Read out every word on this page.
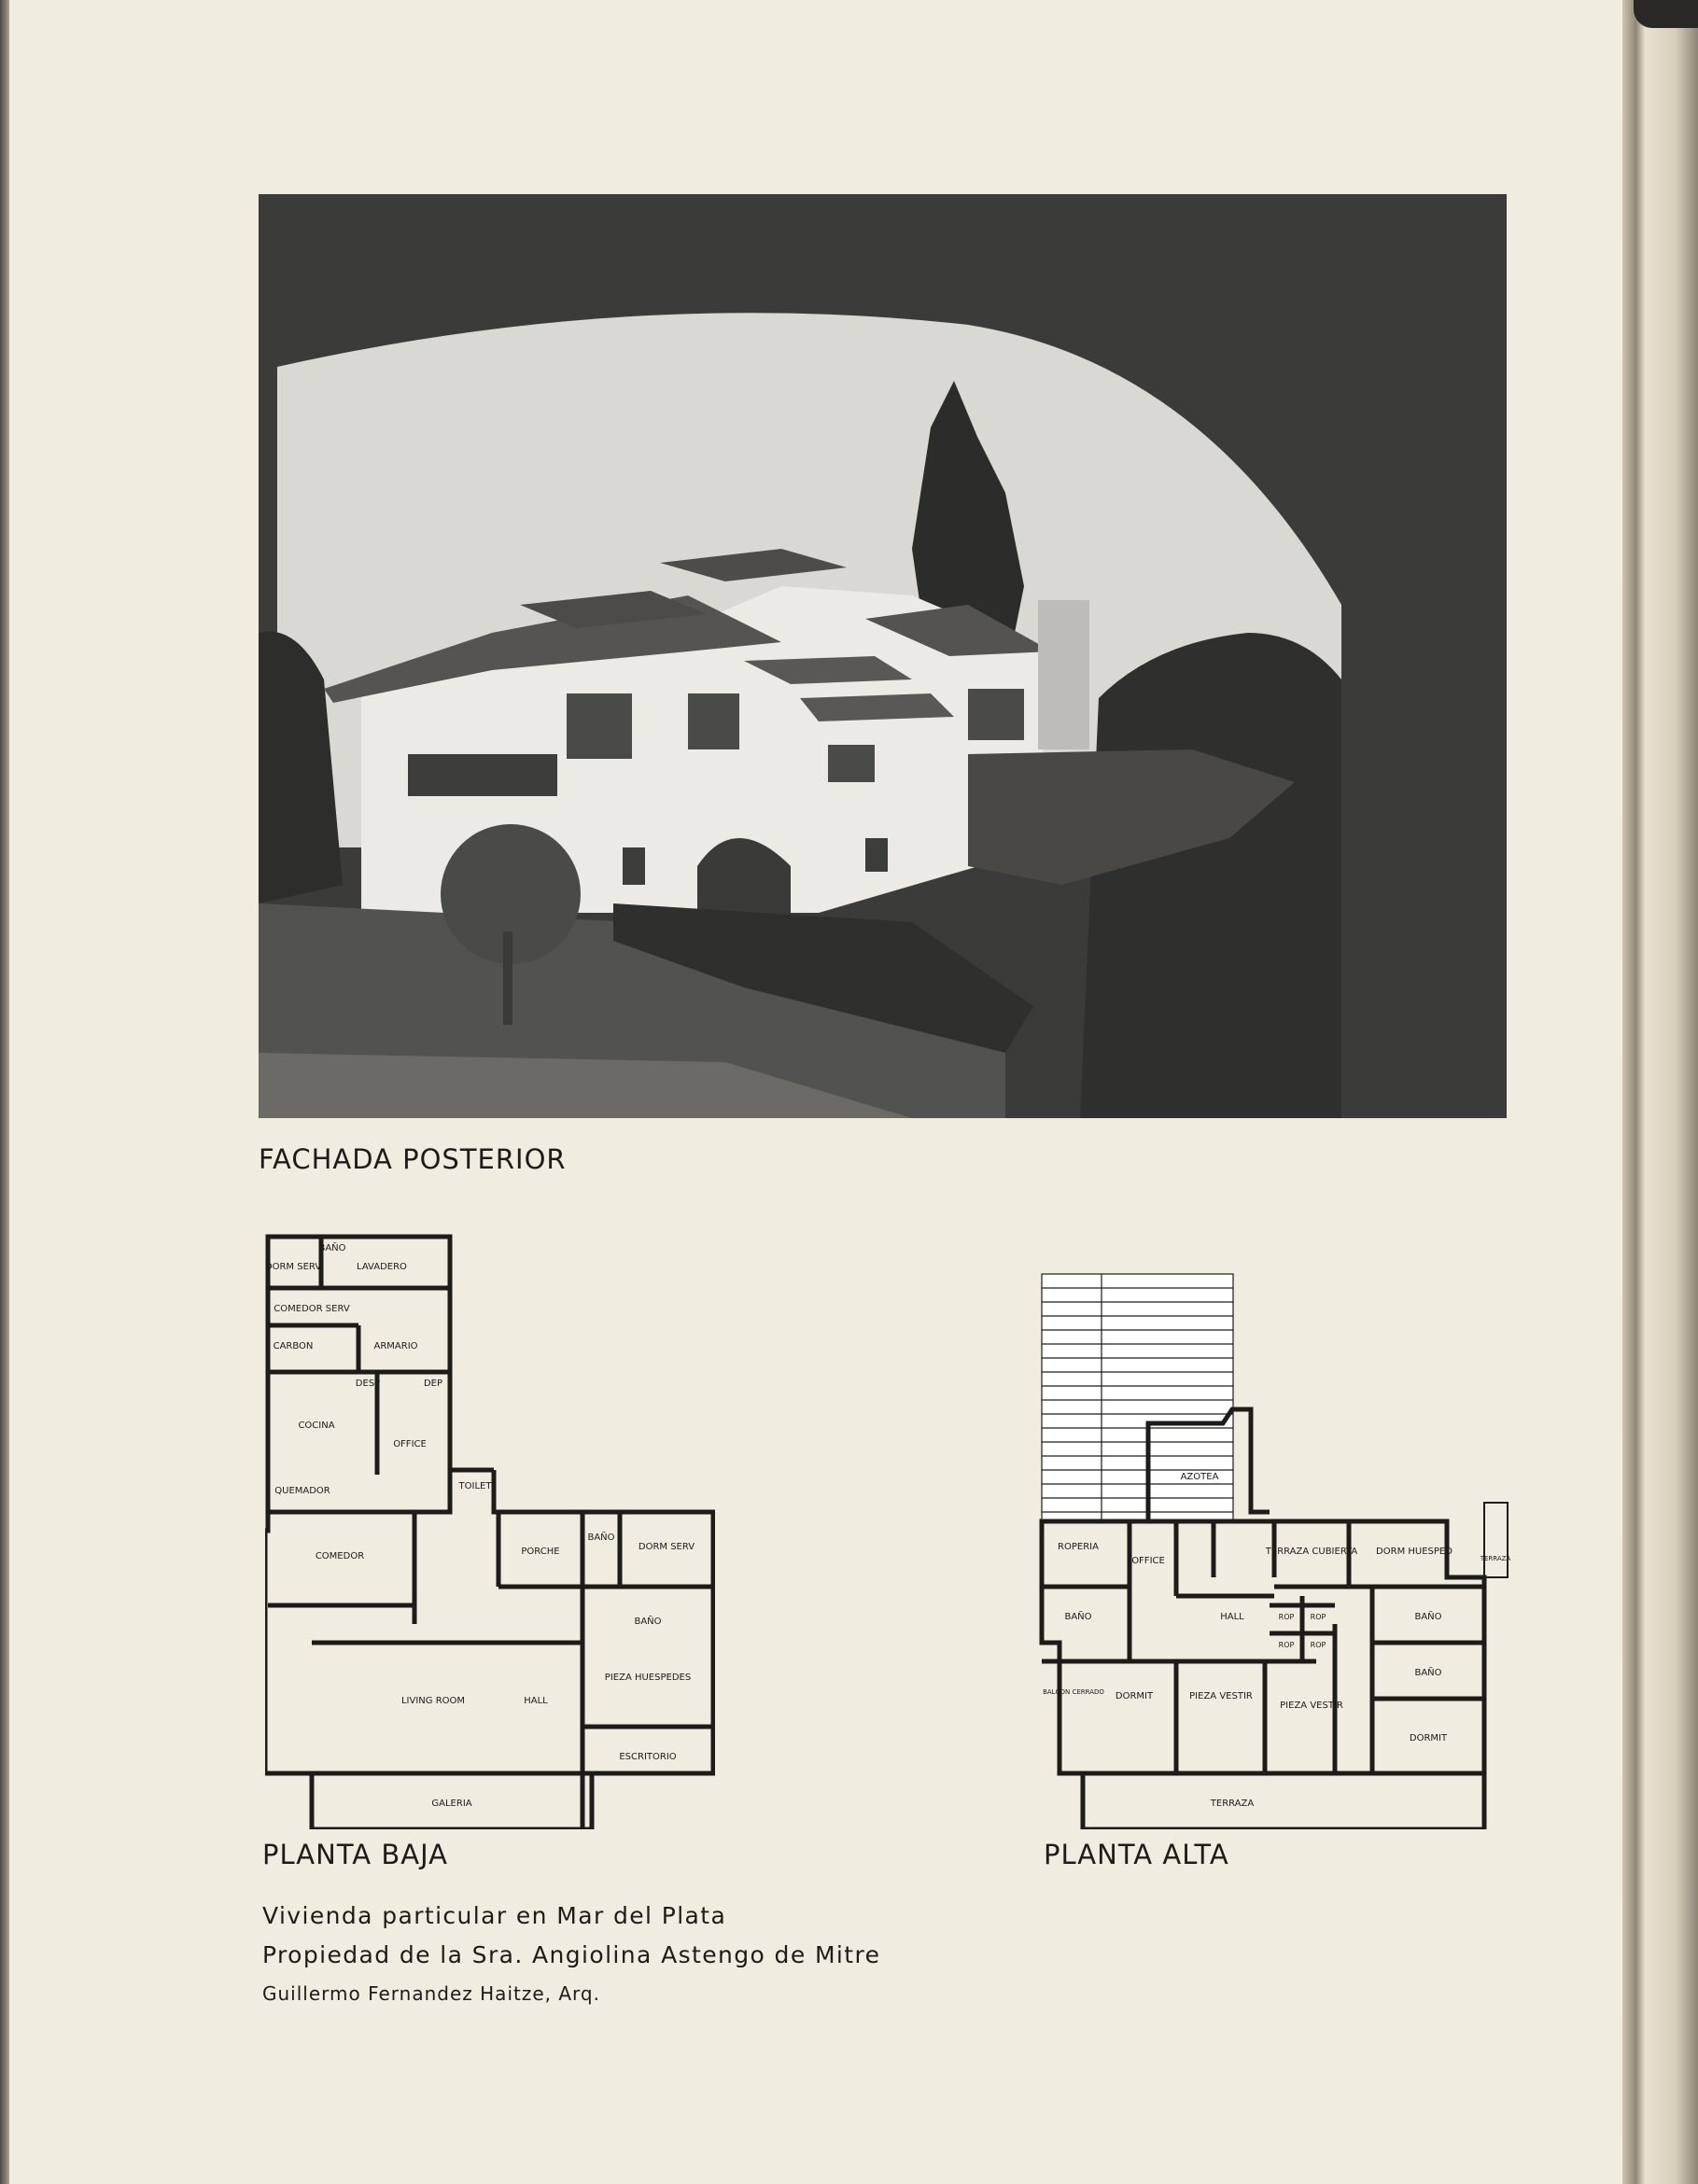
FACHADA POSTERIOR
DORM SERV
BAÑO
LAVADERO
COMEDOR SERV
ARMARIO
CARBON
DESP	DEP
COCINA
OFFICE
TOILET
QUEMADOR
COMEDOR	PORCHE
BAÑO
DORM SERV
BAÑO
PIEZA HUESPEDES
LIVING ROOM	HALL
ESCRITORIO
GALERIA
PLANTA BAJA
AZOTEA
ROPERIA
OFFICE
TERRAZA CUBIERTA DORM HUESPED
TERRAZA
BAÑO	HALL	BAÑO
ROP ROP
ROP ROP
BAÑO
BALCON CERRADO DORMIT	PIEZA VESTIR
PIEZA VESTIR
DORMIT
TERRAZA
PLANTA ALTA
Vivienda particular en Mar del Plata
Propiedad de la Sra. Angiolina Astengo de Mitre
Guillermo Fernandez Haitze, Arq.
